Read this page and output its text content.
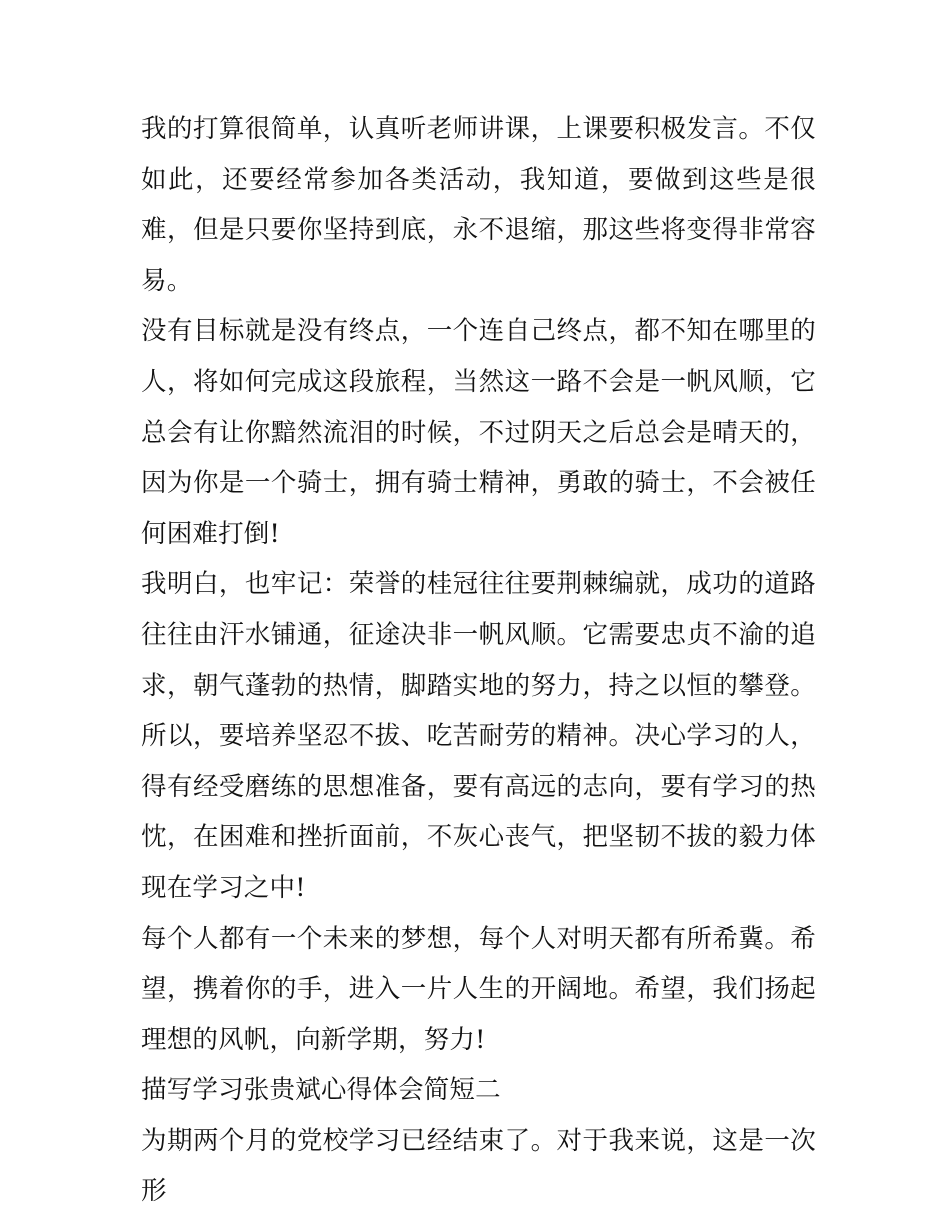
我的打算很简单，认真听老师讲课，上课要积极发言。不仅如此，还要经常参加各类活动，我知道，要做到这些是很难，但是只要你坚持到底，永不退缩，那这些将变得非常容易。

没有目标就是没有终点，一个连自己终点，都不知在哪里的人，将如何完成这段旅程，当然这一路不会是一帆风顺，它总会有让你黯然流泪的时候，不过阴天之后总会是晴天的，因为你是一个骑士，拥有骑士精神，勇敢的骑士，不会被任何困难打倒!

我明白，也牢记：荣誉的桂冠往往要荆棘编就，成功的道路往往由汗水铺通，征途决非一帆风顺。它需要忠贞不渝的追求，朝气蓬勃的热情，脚踏实地的努力，持之以恒的攀登。所以，要培养坚忍不拔、吃苦耐劳的精神。决心学习的人，得有经受磨练的思想准备，要有高远的志向，要有学习的热忱，在困难和挫折面前，不灰心丧气，把坚韧不拔的毅力体现在学习之中!

每个人都有一个未来的梦想，每个人对明天都有所希冀。希望，携着你的手，进入一片人生的开阔地。希望，我们扬起理想的风帆，向新学期，努力!

描写学习张贵斌心得体会简短二

为期两个月的党校学习已经结束了。对于我来说，这是一次形
